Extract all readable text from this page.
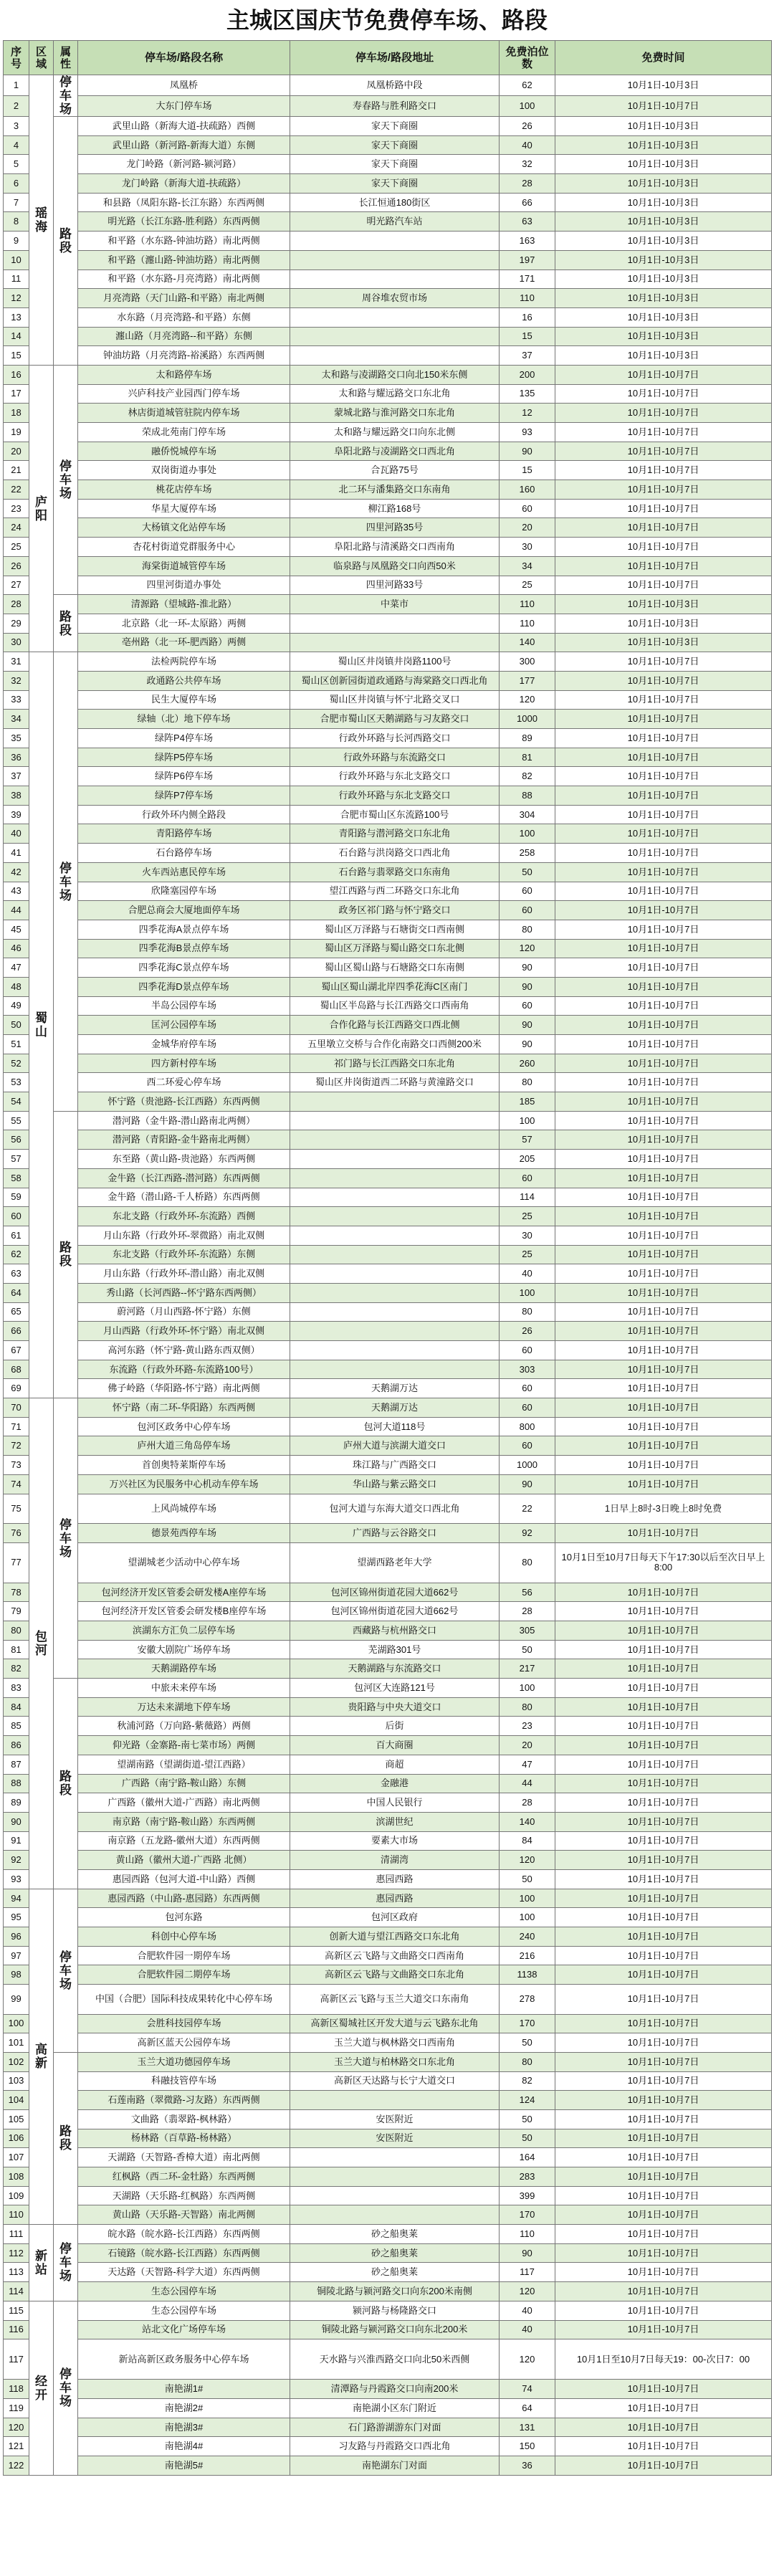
主城区国庆节免费停车场、路段
序号	区域	属性	停车场/路段名称	停车场/路段地址	免费泊位数	免费时间
1	瑶海	停车场	凤凰桥	凤凰桥路中段	62	10月1日-10月3日
2			大东门停车场	寿春路与胜利路交口	100	10月1日-10月7日
3		路段	武里山路（新海大道-扶疏路）西侧	家天下商圈	26	10月1日-10月3日
4			武里山路（新河路-新海大道）东侧	家天下商圈	40	10月1日-10月3日
5			龙门岭路（新河路-颍河路）	家天下商圈	32	10月1日-10月3日
6			龙门岭路（新海大道-扶疏路）	家天下商圈	28	10月1日-10月3日
7			和县路（凤阳东路-长江东路）东西两侧	长江恒通180街区	66	10月1日-10月3日
8			明光路（长江东路-胜利路）东西两侧	明光路汽车站	63	10月1日-10月3日
9			和平路（水东路-钟油坊路）南北两侧		163	10月1日-10月3日
10			和平路（瀍山路-钟油坊路）南北两侧		197	10月1日-10月3日
11			和平路（水东路-月亮湾路）南北两侧		171	10月1日-10月3日
12			月亮湾路（天门山路-和平路）南北两侧	周谷堆农贸市场	110	10月1日-10月3日
13			水东路（月亮湾路-和平路）东侧		16	10月1日-10月3日
14			瀍山路（月亮湾路--和平路）东侧		15	10月1日-10月3日
15			钟油坊路（月亮湾路-裕溪路）东西两侧		37	10月1日-10月3日
16	庐阳	停车场	太和路停车场	太和路与凌湖路交口向北150米东侧	200	10月1日-10月7日
17			兴庐科技产业园西门停车场	太和路与耀远路交口东北角	135	10月1日-10月7日
18			林店街道城管驻院内停车场	蒙城北路与淮河路交口东北角	12	10月1日-10月7日
19			荣成北苑南门停车场	太和路与耀远路交口向东北侧	93	10月1日-10月7日
20			融侨悦城停车场	阜阳北路与凌湖路交口西北角	90	10月1日-10月7日
21			双岗街道办事处	合瓦路75号	15	10月1日-10月7日
22			桃花店停车场	北二环与潘集路交口东南角	160	10月1日-10月7日
23			华星大厦停车场	柳江路168号	60	10月1日-10月7日
24			大杨镇文化站停车场	四里河路35号	20	10月1日-10月7日
25			杏花村街道党群服务中心	阜阳北路与清溪路交口西南角	30	10月1日-10月7日
26			海棠街道城管停车场	临泉路与凤凰路交口向西50米	34	10月1日-10月7日
27			四里河街道办事处	四里河路33号	25	10月1日-10月7日
28		路段	清源路（望城路-淮北路）	中菜市	110	10月1日-10月3日
29			北京路（北一环-太原路）两侧		110	10月1日-10月3日
30			亳州路（北一环-肥西路）两侧		140	10月1日-10月3日
31	蜀山	停车场	法检两院停车场	蜀山区井岗镇井岗路1100号	300	10月1日-10月7日
32			政通路公共停车场	蜀山区创新园街道政通路与海棠路交口西北角	177	10月1日-10月7日
33			民生大厦停车场	蜀山区井岗镇与怀宁北路交叉口	120	10月1日-10月7日
34			绿轴（北）地下停车场	合肥市蜀山区天鹅湖路与习友路交口	1000	10月1日-10月7日
35			绿阵P4停车场	行政外环路与长河西路交口	89	10月1日-10月7日
36			绿阵P5停车场	行政外环路与东流路交口	81	10月1日-10月7日
37			绿阵P6停车场	行政外环路与东北支路交口	82	10月1日-10月7日
38			绿阵P7停车场	行政外环路与东北支路交口	88	10月1日-10月7日
39			行政外环内侧全路段	合肥市蜀山区东流路100号	304	10月1日-10月7日
40			青阳路停车场	青阳路与潜河路交口东北角	100	10月1日-10月7日
41			石台路停车场	石台路与洪岗路交口西北角	258	10月1日-10月7日
42			火车西站惠民停车场	石台路与翡翠路交口东南角	50	10月1日-10月7日
43			欣隆塞园停车场	望江西路与西二环路交口东北角	60	10月1日-10月7日
44			合肥总商会大厦地面停车场	政务区祁门路与怀宁路交口	60	10月1日-10月7日
45			四季花海A景点停车场	蜀山区万泽路与石塘街交口西南侧	80	10月1日-10月7日
46			四季花海B景点停车场	蜀山区万泽路与蜀山路交口东北侧	120	10月1日-10月7日
47			四季花海C景点停车场	蜀山区蜀山路与石塘路交口东南侧	90	10月1日-10月7日
48			四季花海D景点停车场	蜀山区蜀山湖北岸四季花海C区南门	90	10月1日-10月7日
49			半岛公园停车场	蜀山区半岛路与长江西路交口西南角	60	10月1日-10月7日
50			匡河公园停车场	合作化路与长江西路交口西北侧	90	10月1日-10月7日
51			金城华府停车场	五里墩立交桥与合作化南路交口西侧200米	90	10月1日-10月7日
52			四方新村停车场	祁门路与长江西路交口东北角	260	10月1日-10月7日
53			西二环爱心停车场	蜀山区井岗街道西二环路与黄潼路交口	80	10月1日-10月7日
54			怀宁路（贵池路-长江西路）东西两侧		185	10月1日-10月7日
55		路段	潜河路（金牛路-潜山路南北两侧）		100	10月1日-10月7日
56			潜河路（青阳路-金牛路南北两侧）		57	10月1日-10月7日
57			东至路（黄山路-贵池路）东西两侧		205	10月1日-10月7日
58			金牛路（长江西路-潜河路）东西两侧		60	10月1日-10月7日
59			金牛路（潜山路-千人桥路）东西两侧		114	10月1日-10月7日
60			东北支路（行政外环-东流路）西侧		25	10月1日-10月7日
61			月山东路（行政外环-翠微路）南北双侧		30	10月1日-10月7日
62			东北支路（行政外环-东流路）东侧		25	10月1日-10月7日
63			月山东路（行政外环-潜山路）南北双侧		40	10月1日-10月7日
64			秀山路（长河西路--怀宁路东西两侧）		100	10月1日-10月7日
65			蔚河路（月山西路-怀宁路）东侧		80	10月1日-10月7日
66			月山西路（行政外环-怀宁路）南北双侧		26	10月1日-10月7日
67			高河东路（怀宁路-黄山路东西双侧）		60	10月1日-10月7日
68			东流路（行政外环路-东流路100号）		303	10月1日-10月7日
69			佛子岭路（华阳路-怀宁路）南北两侧	天鹅湖万达	60	10月1日-10月7日
70	包河	停车场	怀宁路（南二环-华阳路）东西两侧	天鹅湖万达	60	10月1日-10月7日
71			包河区政务中心停车场	包河大道118号	800	10月1日-10月7日
72			庐州大道三角岛停车场	庐州大道与滨湖大道交口	60	10月1日-10月7日
73			首创奥特莱斯停车场	珠江路与广西路交口	1000	10月1日-10月7日
74			万兴社区为民服务中心机动车停车场	华山路与紫云路交口	90	10月1日-10月7日
75			上风尚城停车场	包河大道与东海大道交口西北角	22	1日早上8时-3日晚上8时免费
76			德景苑西停车场	广西路与云谷路交口	92	10月1日-10月7日
77			望湖城老少活动中心停车场	望湖西路老年大学	80	10月1日至10月7日每天下午17:30以后至次日早上8:00
78			包河经济开发区管委会研发楼A座停车场	包河区锦州街道花园大道662号	56	10月1日-10月7日
79			包河经济开发区管委会研发楼B座停车场	包河区锦州街道花园大道662号	28	10月1日-10月7日
80			滨湖东方汇负二层停车场	西藏路与杭州路交口	305	10月1日-10月7日
81			安徽大剧院广场停车场	芜湖路301号	50	10月1日-10月7日
82			天鹅湖路停车场	天鹅湖路与东流路交口	217	10月1日-10月7日
83		路段	中旅未来停车场	包河区大连路121号	100	10月1日-10月7日
84			万达未来湖地下停车场	贵阳路与中央大道交口	80	10月1日-10月7日
85			秋浦河路（万向路-紫薇路）两侧	后街	23	10月1日-10月7日
86			仰光路（金寨路-南七菜市场）两侧	百大商圈	20	10月1日-10月7日
87			望湖南路（望湖街道-望江西路）	商超	47	10月1日-10月7日
88			广西路（南宁路-鞍山路）东侧	金融港	44	10月1日-10月7日
89			广西路（徽州大道-广西路）南北两侧	中国人民银行	28	10月1日-10月7日
90			南京路（南宁路-鞍山路）东西两侧	滨湖世纪	140	10月1日-10月7日
91			南京路（五龙路-徽州大道）东西两侧	要素大市场	84	10月1日-10月7日
92			黄山路（徽州大道-广西路 北侧）	清湖湾	120	10月1日-10月7日
93			惠园西路（包河大道-中山路）西侧	惠园西路	50	10月1日-10月7日
94	高新	停车场	惠园西路（中山路-惠园路）东西两侧	惠园西路	100	10月1日-10月7日
95			包河东路	包河区政府	100	10月1日-10月7日
96			科创中心停车场	创新大道与望江西路交口东北角	240	10月1日-10月7日
97			合肥软件园一期停车场	高新区云飞路与文曲路交口西南角	216	10月1日-10月7日
98			合肥软件园二期停车场	高新区云飞路与文曲路交口东北角	1138	10月1日-10月7日
99			中国（合肥）国际科技成果转化中心停车场	高新区云飞路与玉兰大道交口东南角	278	10月1日-10月7日
100			会胜科技园停车场	高新区蜀城社区开发大道与云飞路东北角	170	10月1日-10月7日
101			高新区蓝天公园停车场	玉兰大道与枫林路交口西南角	50	10月1日-10月7日
102		路段	玉兰大道功德园停车场	玉兰大道与柏林路交口东北角	80	10月1日-10月7日
103			科融技管停车场	高新区天达路与长宁大道交口	82	10月1日-10月7日
104			石莲南路（翠微路-习友路）东西两侧		124	10月1日-10月7日
105			文曲路（翡翠路-枫林路）	安医附近	50	10月1日-10月7日
106			杨林路（百草路-杨林路）	安医附近	50	10月1日-10月7日
107			天湖路（天智路-香樟大道）南北两侧		164	10月1日-10月7日
108			红枫路（西二环-金牡路）东西两侧		283	10月1日-10月7日
109			天湖路（天乐路-红枫路）东西两侧		399	10月1日-10月7日
110			黄山路（天乐路-天智路）南北两侧		170	10月1日-10月7日
111	新站	停车场	皖水路（皖水路-长江西路）东西两侧	砂之船奥莱	110	10月1日-10月7日
112			石镜路（皖水路-长江西路）东西两侧	砂之船奥莱	90	10月1日-10月7日
113			天达路（天智路-科学大道）东西两侧	砂之船奥莱	117	10月1日-10月7日
114			生态公园停车场	铜陵北路与颍河路交口向东200米南侧	120	10月1日-10月7日
115	经开	停车场	生态公园停车场	颍河路与杨隆路交口	40	10月1日-10月7日
116			站北文化广场停车场	铜陵北路与颍河路交口向东北200米	40	10月1日-10月7日
117			新站高新区政务服务中心停车场	天水路与兴淮西路交口向北50米西侧	120	10月1日至10月7日每天19：00-次日7：00
118			南艳湖1#	清潭路与丹霞路交口向南200米	74	10月1日-10月7日
119			南艳湖2#	南艳湖小区东门附近	64	10月1日-10月7日
120			南艳湖3#	石门路游湖游东门对面	131	10月1日-10月7日
121			南艳湖4#	习友路与丹霞路交口西北角	150	10月1日-10月7日
122			南艳湖5#	南艳湖东门对面	36	10月1日-10月7日
